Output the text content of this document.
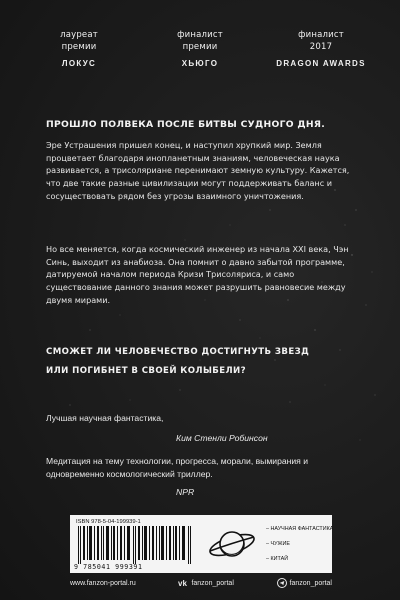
лауреат
премии
ЛОКУС
финалист
премии
ХЬЮГО
финалист
2017
DRAGON AWARDS
ПРОШЛО ПОЛВЕКА ПОСЛЕ БИТВЫ СУДНОГО ДНЯ.
Эре Устрашения пришел конец, и наступил хрупкий мир. Земля процветает благодаря инопланетным знаниям, человеческая наука развивается, а трисоляриане перенимают земную культуру. Кажется, что две такие разные цивилизации могут поддерживать баланс и сосуществовать рядом без угрозы взаимного уничтожения.
Но все меняется, когда космический инженер из начала XXI века, Чэн Синь, выходит из анабиоза. Она помнит о давно забытой программе, датируемой началом периода Кризи Трисоляриса, и само существование данного знания может разрушить равновесие между двумя мирами.
СМОЖЕТ ЛИ ЧЕЛОВЕЧЕСТВО ДОСТИГНУТЬ ЗВЕЗД
ИЛИ ПОГИБНЕТ В СВОЕЙ КОЛЫБЕЛИ?
Лучшая научная фантастика,
Ким Стенли Робинсон
Медитация на тему технологии, прогресса, морали, вымирания и одновременно космологический триллер.
NPR
ISBN 978-5-04-199939-1
9 785041 999391
– НАУЧНАЯ ФАНТАСТИКА
– ЧУЖИЕ
– КИТАЙ
www.fanzon-portal.ru	vk fanzon_portal	fanzon_portal
